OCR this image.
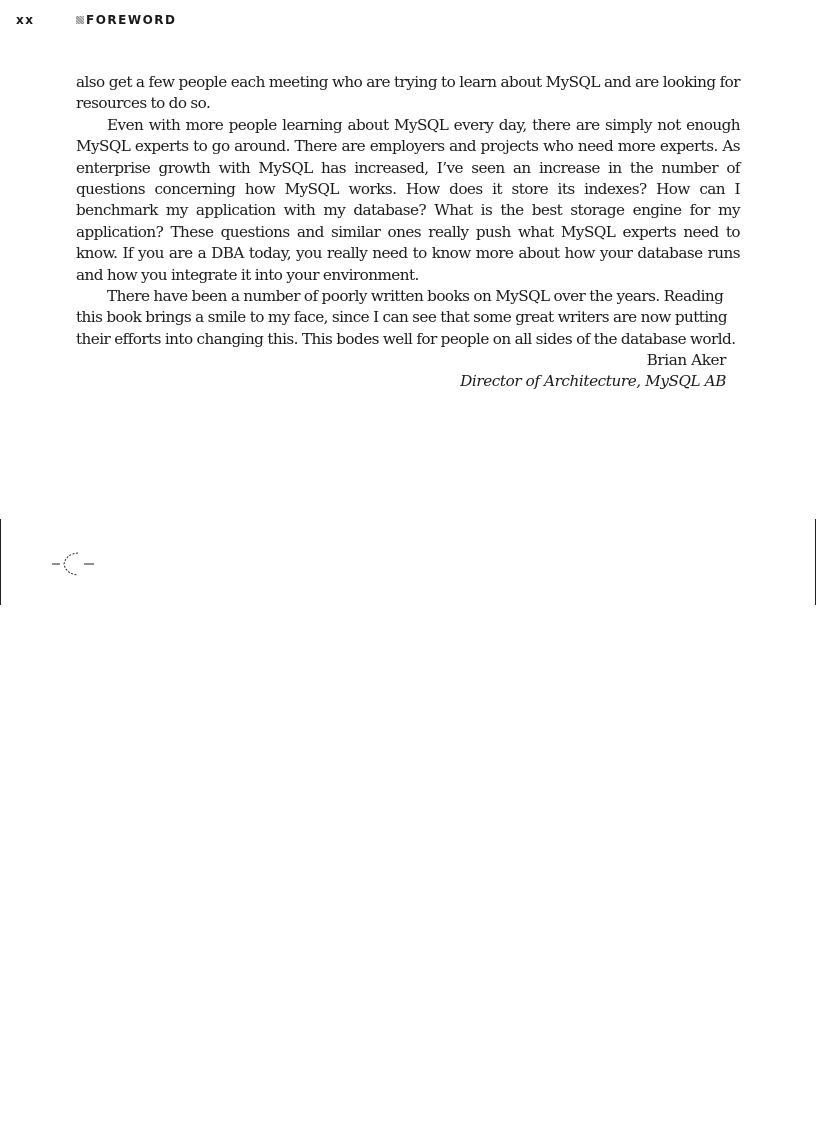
xx	FOREWORD

also get a few people each meeting who are trying to learn about MySQL and are looking for resources to do so.

Even with more people learning about MySQL every day, there are simply not enough MySQL experts to go around. There are employers and projects who need more experts. As enterprise growth with MySQL has increased, I’ve seen an increase in the number of questions concerning how MySQL works. How does it store its indexes? How can I benchmark my application with my database? What is the best storage engine for my application? These questions and similar ones really push what MySQL experts need to know. If you are a DBA today, you really need to know more about how your database runs and how you integrate it into your environment.

There have been a number of poorly written books on MySQL over the years. Reading this book brings a smile to my face, since I can see that some great writers are now putting their efforts into changing this. This bodes well for people on all sides of the database world.

Brian Aker
Director of Architecture, MySQL AB
